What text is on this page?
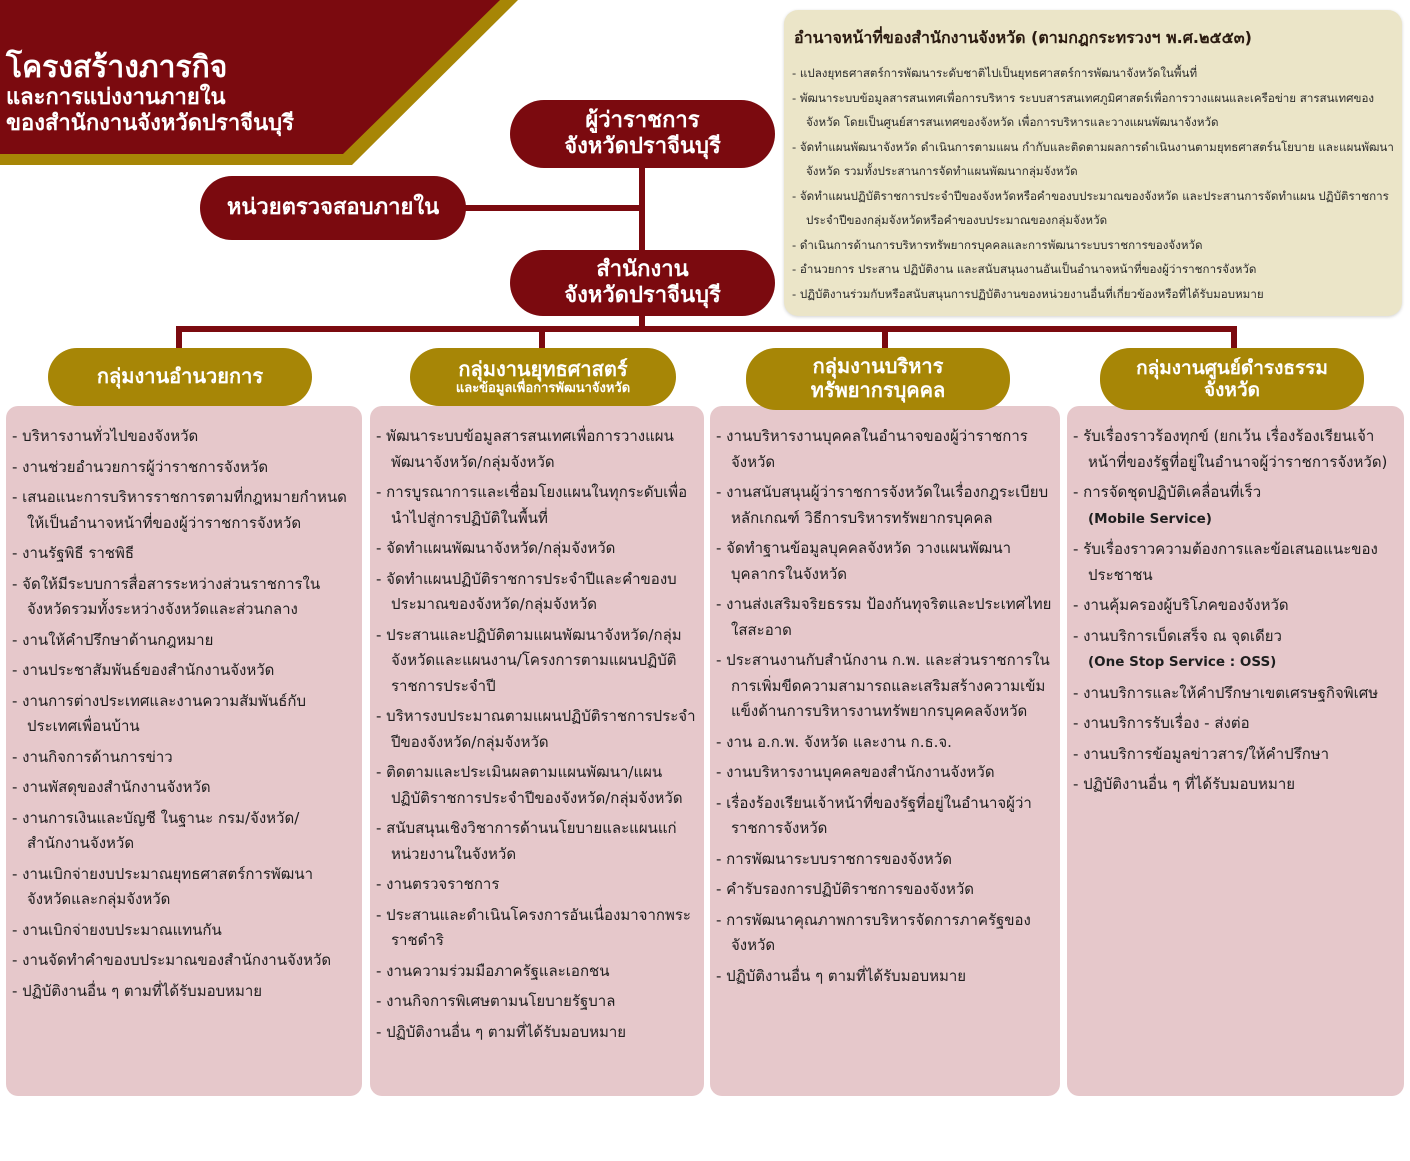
โครงสร้างภารกิจ
และการแบ่งงานภายใน
ของสำนักงานจังหวัดปราจีนบุรี	ผู้ว่าราชการ
จังหวัดปราจีนบุรี
หน่วยตรวจสอบภายใน
สำนักงาน
จังหวัดปราจีนบุรี
อำนาจหน้าที่ของสำนักงานจังหวัด (ตามกฎกระทรวงฯ พ.ศ.๒๕๕๓)
- แปลงยุทธศาสตร์การพัฒนาระดับชาติไปเป็นยุทธศาสตร์การพัฒนาจังหวัดในพื้นที่
- พัฒนาระบบข้อมูลสารสนเทศเพื่อการบริหาร ระบบสารสนเทศภูมิศาสตร์เพื่อการวางแผนและเครือข่าย สารสนเทศของจังหวัด โดยเป็นศูนย์สารสนเทศของจังหวัด เพื่อการบริหารและวางแผนพัฒนาจังหวัด
- จัดทำแผนพัฒนาจังหวัด ดำเนินการตามแผน กำกับและติดตามผลการดำเนินงานตามยุทธศาสตร์นโยบาย และแผนพัฒนาจังหวัด รวมทั้งประสานการจัดทำแผนพัฒนากลุ่มจังหวัด
- จัดทำแผนปฏิบัติราชการประจำปีของจังหวัดหรือคำของบประมาณของจังหวัด และประสานการจัดทำแผน ปฏิบัติราชการประจำปีของกลุ่มจังหวัดหรือคำของบประมาณของกลุ่มจังหวัด
- ดำเนินการด้านการบริหารทรัพยากรบุคคลและการพัฒนาระบบราชการของจังหวัด
- อำนวยการ ประสาน ปฏิบัติงาน และสนับสนุนงานอันเป็นอำนาจหน้าที่ของผู้ว่าราชการจังหวัด
- ปฏิบัติงานร่วมกับหรือสนับสนุนการปฏิบัติงานของหน่วยงานอื่นที่เกี่ยวข้องหรือที่ได้รับมอบหมาย
- บริหารงานทั่วไปของจังหวัด
- งานช่วยอำนวยการผู้ว่าราชการจังหวัด
- เสนอแนะการบริหารราชการตามที่กฎหมายกำหนดให้เป็นอำนาจหน้าที่ของผู้ว่าราชการจังหวัด
- งานรัฐพิธี ราชพิธี
- จัดให้มีระบบการสื่อสารระหว่างส่วนราชการในจังหวัดรวมทั้งระหว่างจังหวัดและส่วนกลาง
- งานให้คำปรึกษาด้านกฎหมาย
- งานประชาสัมพันธ์ของสำนักงานจังหวัด
- งานการต่างประเทศและงานความสัมพันธ์กับประเทศเพื่อนบ้าน
- งานกิจการด้านการข่าว
- งานพัสดุของสำนักงานจังหวัด
- งานการเงินและบัญชี ในฐานะ กรม/จังหวัด/สำนักงานจังหวัด
- งานเบิกจ่ายงบประมาณยุทธศาสตร์การพัฒนาจังหวัดและกลุ่มจังหวัด
- งานเบิกจ่ายงบประมาณแทนกัน
- งานจัดทำคำของบประมาณของสำนักงานจังหวัด
- ปฏิบัติงานอื่น ๆ ตามที่ได้รับมอบหมาย
- พัฒนาระบบข้อมูลสารสนเทศเพื่อการวางแผนพัฒนาจังหวัด/กลุ่มจังหวัด
- การบูรณาการและเชื่อมโยงแผนในทุกระดับเพื่อนำไปสู่การปฏิบัติในพื้นที่
- จัดทำแผนพัฒนาจังหวัด/กลุ่มจังหวัด
- จัดทำแผนปฏิบัติราชการประจำปีและคำของบประมาณของจังหวัด/กลุ่มจังหวัด
- ประสานและปฏิบัติตามแผนพัฒนาจังหวัด/กลุ่มจังหวัดและแผนงาน/โครงการตามแผนปฏิบัติราชการประจำปี
- บริหารงบประมาณตามแผนปฏิบัติราชการประจำปีของจังหวัด/กลุ่มจังหวัด
- ติดตามและประเมินผลตามแผนพัฒนา/แผนปฏิบัติราชการประจำปีของจังหวัด/กลุ่มจังหวัด
- สนับสนุนเชิงวิชาการด้านนโยบายและแผนแก่หน่วยงานในจังหวัด
- งานตรวจราชการ
- ประสานและดำเนินโครงการอันเนื่องมาจากพระราชดำริ
- งานความร่วมมือภาครัฐและเอกชน
- งานกิจการพิเศษตามนโยบายรัฐบาล
- ปฏิบัติงานอื่น ๆ ตามที่ได้รับมอบหมาย
- งานบริหารงานบุคคลในอำนาจของผู้ว่าราชการจังหวัด
- งานสนับสนุนผู้ว่าราชการจังหวัดในเรื่องกฎระเบียบ หลักเกณฑ์ วิธีการบริหารทรัพยากรบุคคล
- จัดทำฐานข้อมูลบุคคลจังหวัด วางแผนพัฒนาบุคลากรในจังหวัด
- งานส่งเสริมจริยธรรม ป้องกันทุจริตและประเทศไทยใสสะอาด
- ประสานงานกับสำนักงาน ก.พ. และส่วนราชการในการเพิ่มขีดความสามารถและเสริมสร้างความเข้มแข็งด้านการบริหารงานทรัพยากรบุคคลจังหวัด
- งาน อ.ก.พ. จังหวัด และงาน ก.ธ.จ.
- งานบริหารงานบุคคลของสำนักงานจังหวัด
- เรื่องร้องเรียนเจ้าหน้าที่ของรัฐที่อยู่ในอำนาจผู้ว่าราชการจังหวัด
- การพัฒนาระบบราชการของจังหวัด
- คำรับรองการปฏิบัติราชการของจังหวัด
- การพัฒนาคุณภาพการบริหารจัดการภาครัฐของจังหวัด
- ปฏิบัติงานอื่น ๆ ตามที่ได้รับมอบหมาย
- รับเรื่องราวร้องทุกข์ (ยกเว้น เรื่องร้องเรียนเจ้าหน้าที่ของรัฐที่อยู่ในอำนาจผู้ว่าราชการจังหวัด)
- การจัดชุดปฏิบัติเคลื่อนที่เร็ว
(Mobile Service)
- รับเรื่องราวความต้องการและข้อเสนอแนะของประชาชน
- งานคุ้มครองผู้บริโภคของจังหวัด
- งานบริการเบ็ดเสร็จ ณ จุดเดียว
(One Stop Service : OSS)
- งานบริการและให้คำปรึกษาเขตเศรษฐกิจพิเศษ
- งานบริการรับเรื่อง - ส่งต่อ
- งานบริการข้อมูลข่าวสาร/ให้คำปรึกษา
- ปฏิบัติงานอื่น ๆ ที่ได้รับมอบหมาย
กลุ่มงานอำนวยการ	กลุ่มงานยุทธศาสตร์
และข้อมูลเพื่อการพัฒนาจังหวัด
กลุ่มงานบริหาร
ทรัพยากรบุคคล
กลุ่มงานศูนย์ดำรงธรรม
จังหวัด
